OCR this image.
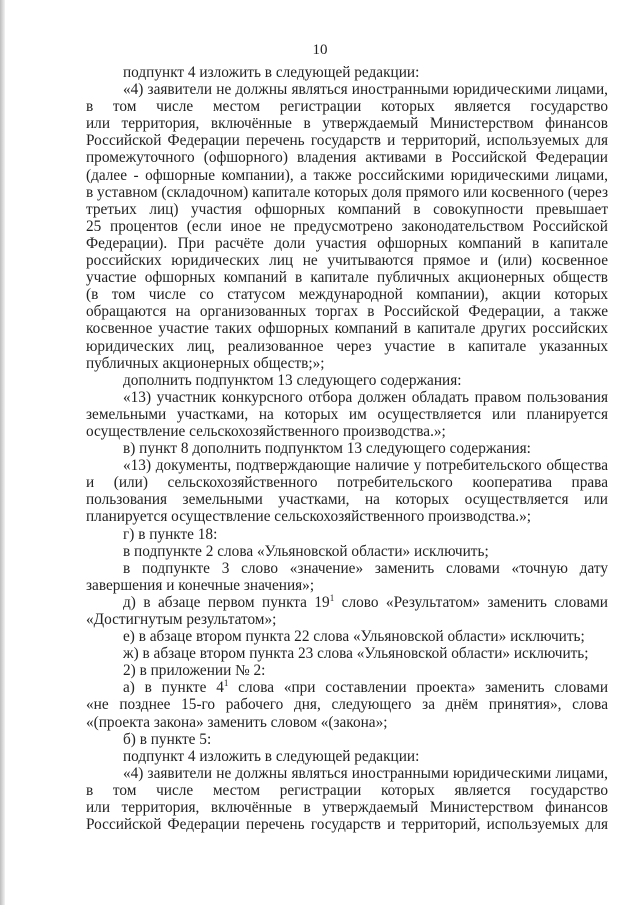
10
подпункт 4 изложить в следующей редакции:
«4) заявители не должны являться иностранными юридическими лицами,
в том числе местом регистрации которых является государство
или территория, включённые в утверждаемый Министерством финансов
Российской Федерации перечень государств и территорий, используемых для
промежуточного (офшорного) владения активами в Российской Федерации
(далее - офшорные компании), а также российскими юридическими лицами,
в уставном (складочном) капитале которых доля прямого или косвенного (через
третьих лиц) участия офшорных компаний в совокупности превышает
25 процентов (если иное не предусмотрено законодательством Российской
Федерации). При расчёте доли участия офшорных компаний в капитале
российских юридических лиц не учитываются прямое и (или) косвенное
участие офшорных компаний в капитале публичных акционерных обществ
(в том числе со статусом международной компании), акции которых
обращаются на организованных торгах в Российской Федерации, а также
косвенное участие таких офшорных компаний в капитале других российских
юридических лиц, реализованное через участие в капитале указанных
публичных акционерных обществ;»;
дополнить подпунктом 13 следующего содержания:
«13) участник конкурсного отбора должен обладать правом пользования
земельными участками, на которых им осуществляется или планируется
осуществление сельскохозяйственного производства.»;
в) пункт 8 дополнить подпунктом 13 следующего содержания:
«13) документы, подтверждающие наличие у потребительского общества
и (или) сельскохозяйственного потребительского кооператива права
пользования земельными участками, на которых осуществляется или
планируется осуществление сельскохозяйственного производства.»;
г) в пункте 18:
в подпункте 2 слова «Ульяновской области» исключить;
в подпункте 3 слово «значение» заменить словами «точную дату
завершения и конечные значения»;
д) в абзаце первом пункта $19^1$ слово «Результатом» заменить словами
«Достигнутым результатом»;
е) в абзаце втором пункта 22 слова «Ульяновской области» исключить;
ж) в абзаце втором пункта 23 слова «Ульяновской области» исключить;
2) в приложении № 2:
а) в пункте $4^1$ слова «при составлении проекта» заменить словами
«не позднее 15-го рабочего дня, следующего за днём принятия», слова
«(проекта закона» заменить словом «(закона»;
б) в пункте 5:
подпункт 4 изложить в следующей редакции:
«4) заявители не должны являться иностранными юридическими лицами,
в том числе местом регистрации которых является государство
или территория, включённые в утверждаемый Министерством финансов
Российской Федерации перечень государств и территорий, используемых для
